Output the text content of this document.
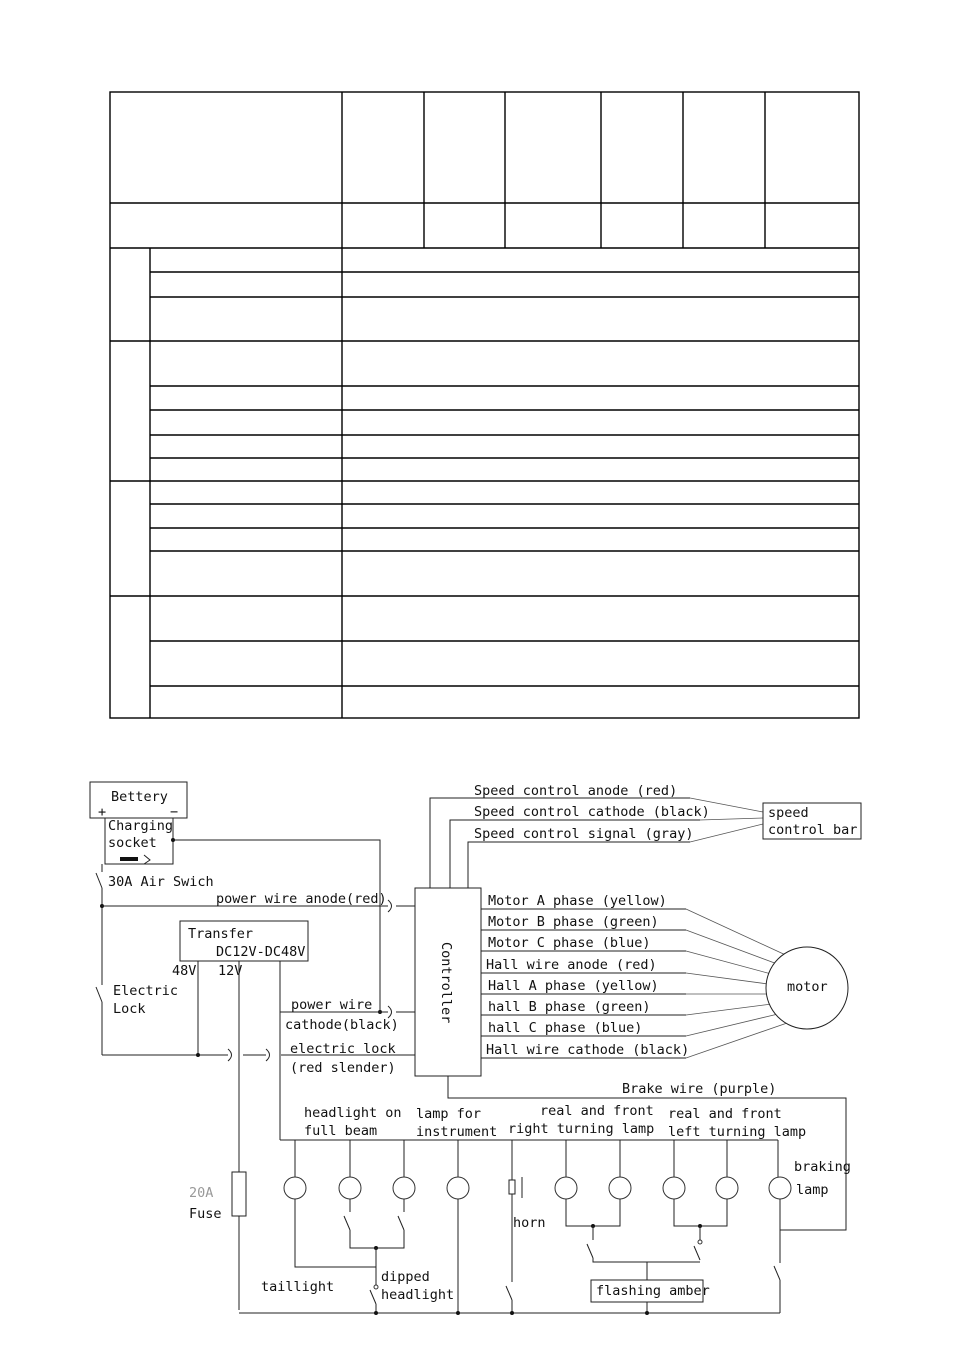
Bettery
+	−
Charging
socket
30A Air Swich
power wire anode(red)
Transfer
DC12V-DC48V
48V 12V
Electric
Lock	power wire
cathode(black)
electric lock
(red slender)
Controller
Speed control anode (red)
Speed control cathode (black)
Speed control signal (gray)
speed
control bar
Motor A phase (yellow)
Motor B phase (green)
Motor C phase (blue)
Hall wire anode (red)
Hall A phase (yellow)
hall B phase (green)
hall C phase (blue)
Hall wire cathode (black)
motor
Brake wire (purple)
headlight on
full beam
lamp for
instrument
real and front
right turning lamp
real and front
left turning lamp
braking
lamp
taillight
dipped
headlight
horn
flashing amber
20A
Fuse
